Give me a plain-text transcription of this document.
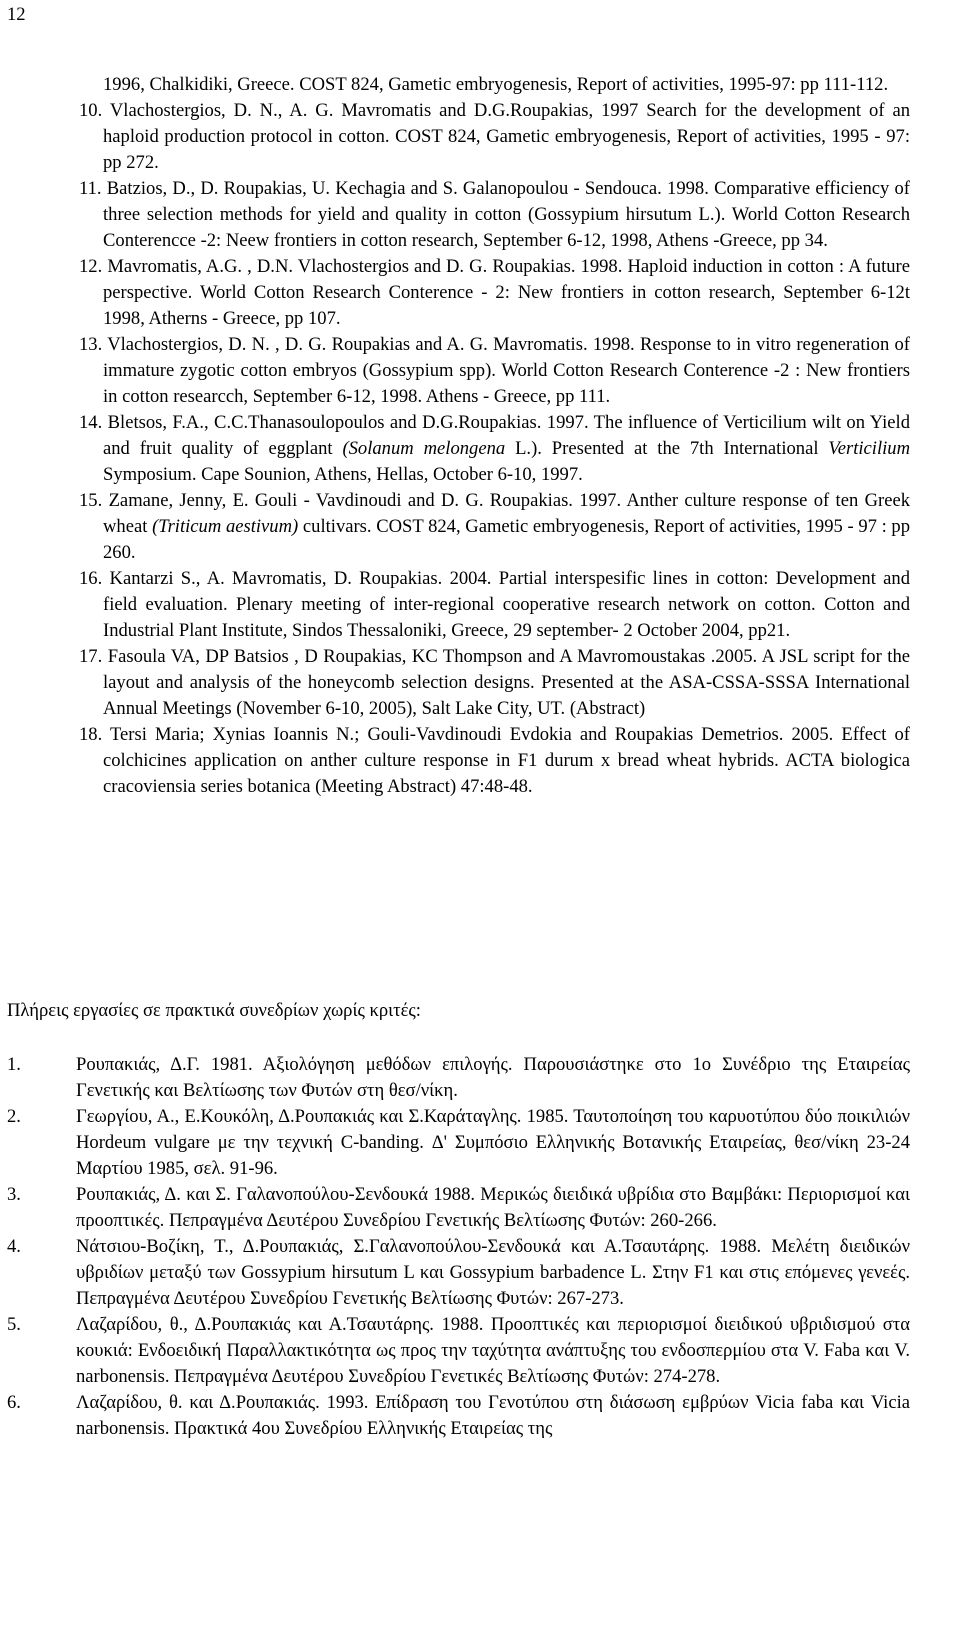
12
1996, Chalkidiki, Greece. COST 824, Gametic embryogenesis, Report of activities, 1995-97: pp 111-112.
10. Vlachostergios, D. N., A. G. Mavromatis and D.G.Roupakias, 1997 Search for the development of an haploid production protocol in cotton. COST 824, Gametic embryogenesis, Report of activities, 1995 - 97: pp 272.
11. Batzios, D., D. Roupakias, U. Kechagia and S. Galanopoulou - Sendouca. 1998. Comparative efficiency of three selection methods for yield and quality in cotton (Gossypium hirsutum L.). World Cotton Research Conterencce -2: Neew frontiers in cotton research, September 6-12, 1998, Athens -Greece, pp 34.
12. Mavromatis, A.G. , D.N. Vlachostergios and D. G. Roupakias. 1998. Haploid induction in cotton : A future perspective. World Cotton Research Conterence - 2: New frontiers in cotton research, September 6-12t 1998, Atherns - Greece, pp 107.
13. Vlachostergios, D. N. , D. G. Roupakias and A. G. Mavromatis. 1998. Response to in vitro regeneration of immature zygotic cotton embryos (Gossypium spp). World Cotton Research Conterence -2 : New frontiers in cotton researcch, September 6-12, 1998. Athens - Greece, pp 111.
14. Bletsos, F.A., C.C.Thanasoulopoulos and D.G.Roupakias. 1997. The influence of Verticilium wilt on Yield and fruit quality of eggplant (Solanum melongena L.). Presented at the 7th International Verticilium Symposium. Cape Sounion, Athens, Hellas, October 6-10, 1997.
15. Zamane, Jenny, E. Gouli - Vavdinoudi and D. G. Roupakias. 1997. Anther culture response of ten Greek wheat (Triticum aestivum) cultivars. COST 824, Gametic embryogenesis, Report of activities, 1995 - 97 : pp 260.
16. Kantarzi S., A. Mavromatis, D. Roupakias. 2004. Partial interspesific lines in cotton: Development and field evaluation. Plenary meeting of inter-regional cooperative research network on cotton. Cotton and Industrial Plant Institute, Sindos Thessaloniki, Greece, 29 september- 2 October 2004, pp21.
17. Fasoula VA, DP Batsios , D Roupakias, KC Thompson and A Mavromoustakas .2005. A JSL script for the layout and analysis of the honeycomb selection designs. Presented at the ASA-CSSA-SSSA International Annual Meetings (November 6-10, 2005), Salt Lake City, UT. (Abstract)
18. Tersi Maria; Xynias Ioannis N.; Gouli-Vavdinoudi Evdokia and Roupakias Demetrios. 2005. Effect of colchicines application on anther culture response in F1 durum x bread wheat hybrids. ACTA biologica cracoviensia series botanica (Meeting Abstract) 47:48-48.
Πλήρεις εργασίες σε πρακτικά συνεδρίων χωρίς κριτές:
1.	Ρουπακιάς, Δ.Γ. 1981. Αξιολόγηση μεθόδων επιλογής. Παρουσιάστηκε στο 1ο Συνέδριο της Εταιρείας Γενετικής και Βελτίωσης των Φυτών στη θεσ/νίκη.
2.	Γεωργίου, Α., Ε.Κουκόλη, Δ.Ρουπακιάς και Σ.Καράταγλης. 1985. Ταυτοποίηση του καρυοτύπου δύο ποικιλιών Hordeum vulgare με την τεχνική C-banding. Δ' Συμπόσιο Ελληνικής Βοτανικής Εταιρείας, θεσ/νίκη 23-24 Μαρτίου 1985, σελ. 91-96.
3.	Ρουπακιάς, Δ. και Σ. Γαλανοπούλου-Σενδουκά 1988. Μερικώς διειδικά υβρίδια στο Βαμβάκι: Περιορισμοί και προοπτικές. Πεπραγμένα Δευτέρου Συνεδρίου Γενετικής Βελτίωσης Φυτών: 260-266.
4.	Νάτσιου-Βοζίκη, Τ., Δ.Ρουπακιάς, Σ.Γαλανοπούλου-Σενδουκά και Α.Τσαυτάρης. 1988. Μελέτη διειδικών υβριδίων μεταξύ των Gossypium hirsutum L και Gossypium barbadence L. Στην F1 και στις επόμενες γενεές. Πεπραγμένα Δευτέρου Συνεδρίου Γενετικής Βελτίωσης Φυτών: 267-273.
5.	Λαζαρίδου, θ., Δ.Ρουπακιάς και Α.Τσαυτάρης. 1988. Προοπτικές και περιορισμοί διειδικού υβριδισμού στα κουκιά: Ενδοειδική Παραλλακτικότητα ως προς την ταχύτητα ανάπτυξης του ενδοσπερμίου στα V. Faba και V. narbonensis. Πεπραγμένα Δευτέρου Συνεδρίου Γενετικές Βελτίωσης Φυτών: 274-278.
6.	Λαζαρίδου, θ. και Δ.Ρουπακιάς. 1993. Επίδραση του Γενοτύπου στη διάσωση εμβρύων Vicia faba και Vicia narbonensis. Πρακτικά 4ου Συνεδρίου Ελληνικής Εταιρείας της
